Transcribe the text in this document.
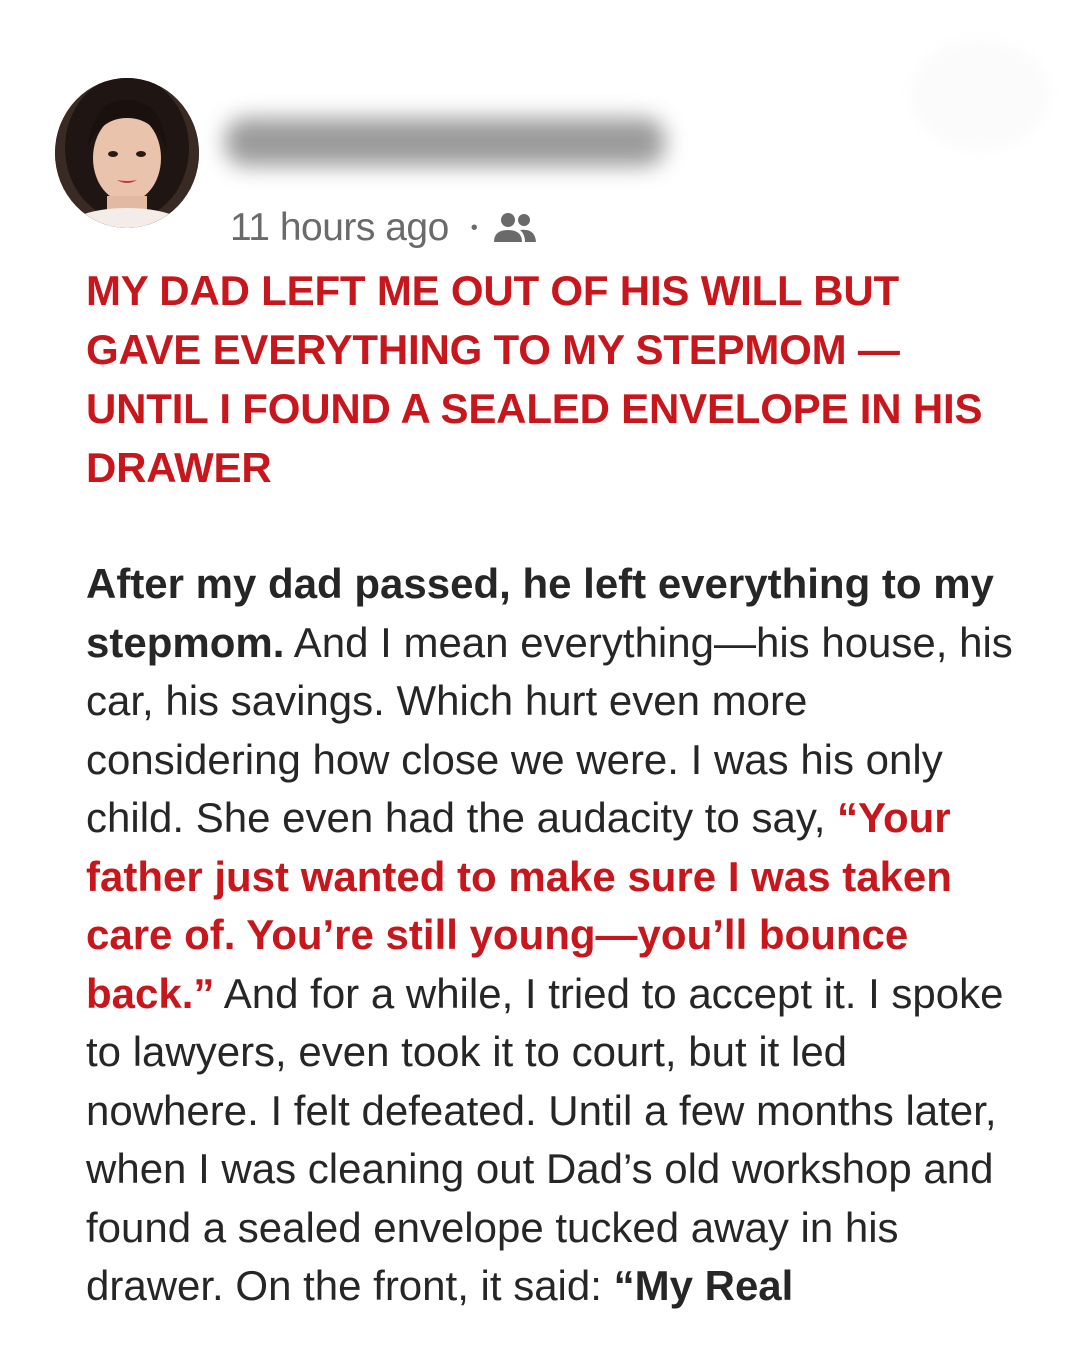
11 hours ago •
MY DAD LEFT ME OUT OF HIS WILL BUT GAVE EVERYTHING TO MY STEPMOM — UNTIL I FOUND A SEALED ENVELOPE IN HIS DRAWER

After my dad passed, he left everything to my stepmom. And I mean everything—his house, his car, his savings. Which hurt even more considering how close we were. I was his only child. She even had the audacity to say, “Your father just wanted to make sure I was taken care of. You’re still young—you’ll bounce back.” And for a while, I tried to accept it. I spoke to lawyers, even took it to court, but it led nowhere. I felt defeated. Until a few months later, when I was cleaning out Dad’s old workshop and found a sealed envelope tucked away in his drawer. On the front, it said: “My Real
